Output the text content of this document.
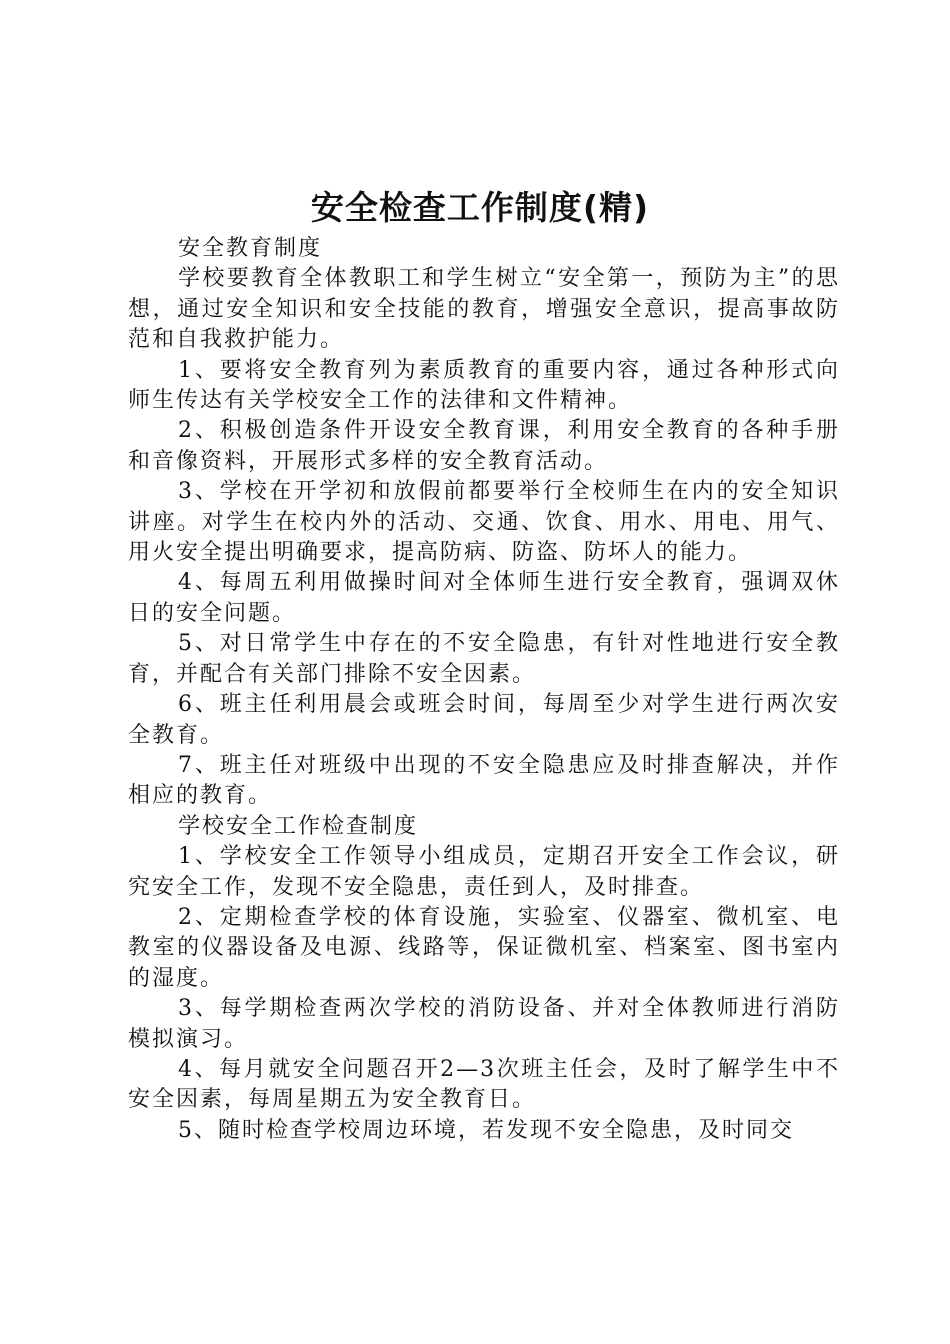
安全检查工作制度(精)

安全教育制度

学校要教育全体教职工和学生树立“安全第一，预防为主”的思想，通过安全知识和安全技能的教育，增强安全意识，提高事故防范和自我救护能力。

1、要将安全教育列为素质教育的重要内容，通过各种形式向师生传达有关学校安全工作的法律和文件精神。

2、积极创造条件开设安全教育课，利用安全教育的各种手册和音像资料，开展形式多样的安全教育活动。

3、学校在开学初和放假前都要举行全校师生在内的安全知识讲座。对学生在校内外的活动、交通、饮食、用水、用电、用气、用火安全提出明确要求，提高防病、防盗、防坏人的能力。

4、每周五利用做操时间对全体师生进行安全教育，强调双休日的安全问题。

5、对日常学生中存在的不安全隐患，有针对性地进行安全教育，并配合有关部门排除不安全因素。

6、班主任利用晨会或班会时间，每周至少对学生进行两次安全教育。

7、班主任对班级中出现的不安全隐患应及时排查解决，并作相应的教育。

学校安全工作检查制度

1、学校安全工作领导小组成员，定期召开安全工作会议，研究安全工作，发现不安全隐患，责任到人，及时排查。

2、定期检查学校的体育设施，实验室、仪器室、微机室、电教室的仪器设备及电源、线路等，保证微机室、档案室、图书室内的湿度。

3、每学期检查两次学校的消防设备、并对全体教师进行消防模拟演习。

4、每月就安全问题召开2—3次班主任会，及时了解学生中不安全因素，每周星期五为安全教育日。

5、随时检查学校周边环境，若发现不安全隐患，及时同交
